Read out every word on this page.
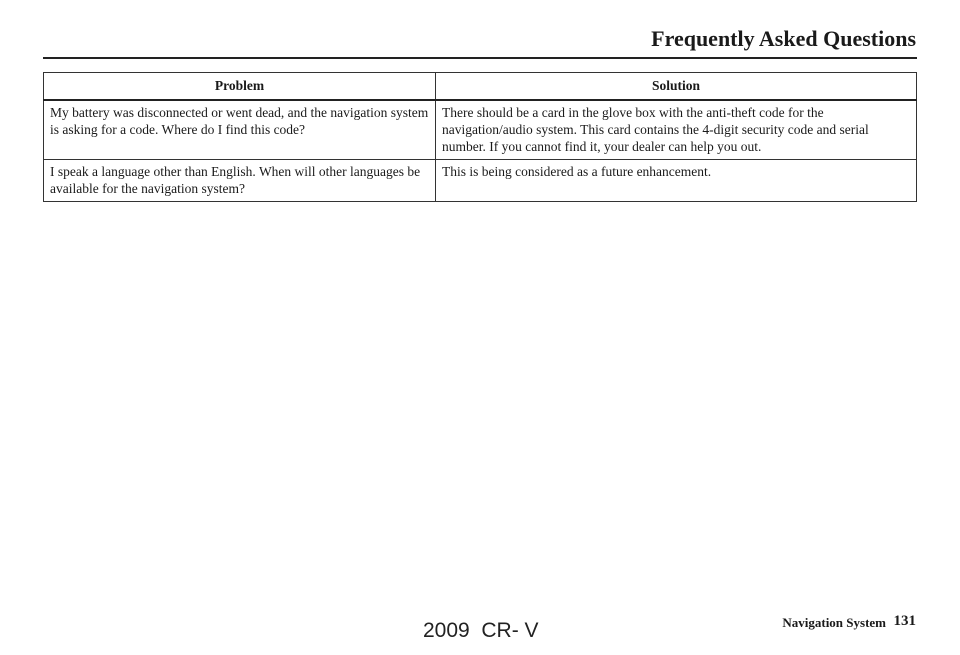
Frequently Asked Questions
Problem	Solution
My battery was disconnected or went dead, and the navigation system is asking for a code. Where do I find this code?	There should be a card in the glove box with the anti-theft code for the navigation/audio system. This card contains the 4-digit security code and serial number. If you cannot find it, your dealer can help you out.
I speak a language other than English. When will other languages be available for the navigation system?	This is being considered as a future enhancement.
Navigation System 131
2009  CR- V
